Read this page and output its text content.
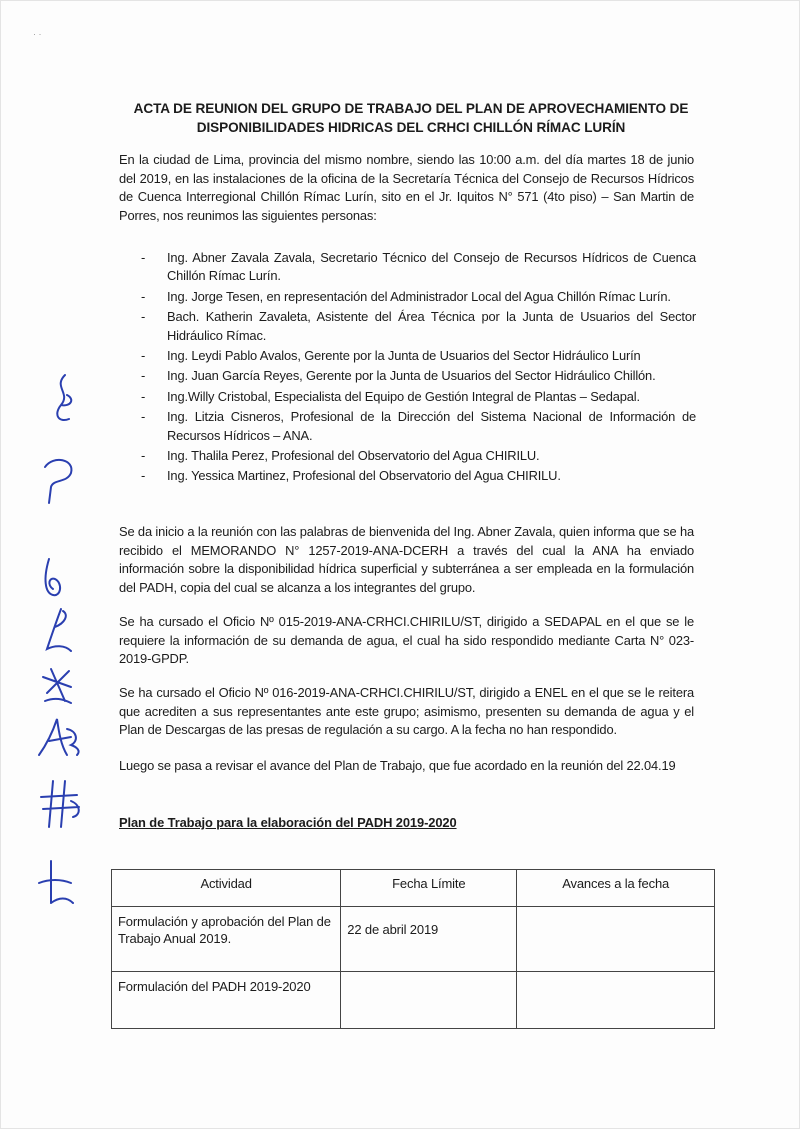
· ·
ACTA DE REUNION DEL GRUPO DE TRABAJO DEL PLAN DE APROVECHAMIENTO DE
DISPONIBILIDADES HIDRICAS DEL CRHCI CHILLÓN RÍMAC LURÍN
En la ciudad de Lima, provincia del mismo nombre, siendo las 10:00 a.m. del día martes 18 de junio del 2019, en las instalaciones de la oficina de la Secretaría Técnica del Consejo de Recursos Hídricos de Cuenca Interregional Chillón Rímac Lurín, sito en el Jr. Iquitos N° 571 (4to piso) – San Martin de Porres, nos reunimos las siguientes personas:
- Ing. Abner Zavala Zavala, Secretario Técnico del Consejo de Recursos Hídricos de Cuenca Chillón Rímac Lurín.
- Ing. Jorge Tesen, en representación del Administrador Local del Agua Chillón Rímac Lurín.
- Bach. Katherin Zavaleta, Asistente del Área Técnica por la Junta de Usuarios del Sector Hidráulico Rímac.
- Ing. Leydi Pablo Avalos, Gerente por la Junta de Usuarios del Sector Hidráulico Lurín
- Ing. Juan García Reyes, Gerente por la Junta de Usuarios del Sector Hidráulico Chillón.
- Ing.Willy Cristobal, Especialista del Equipo de Gestión Integral de Plantas – Sedapal.
- Ing. Litzia Cisneros, Profesional de la Dirección del Sistema Nacional de Información de Recursos Hídricos – ANA.
- Ing. Thalila Perez, Profesional del Observatorio del Agua CHIRILU.
- Ing. Yessica Martinez, Profesional del Observatorio del Agua CHIRILU.
Se da inicio a la reunión con las palabras de bienvenida del Ing. Abner Zavala, quien informa que se ha recibido el MEMORANDO N° 1257-2019-ANA-DCERH a través del cual la ANA ha enviado información sobre la disponibilidad hídrica superficial y subterránea a ser empleada en la formulación del PADH, copia del cual se alcanza a los integrantes del grupo.
Se ha cursado el Oficio Nº 015-2019-ANA-CRHCI.CHIRILU/ST, dirigido a SEDAPAL en el que se le requiere la información de su demanda de agua, el cual ha sido respondido mediante Carta N° 023-2019-GPDP.
Se ha cursado el Oficio Nº 016-2019-ANA-CRHCI.CHIRILU/ST, dirigido a ENEL en el que se le reitera que acrediten a sus representantes ante este grupo; asimismo, presenten su demanda de agua y el Plan de Descargas de las presas de regulación a su cargo. A la fecha no han respondido.
Luego se pasa a revisar el avance del Plan de Trabajo, que fue acordado en la reunión del 22.04.19
Plan de Trabajo para la elaboración del PADH 2019-2020
Actividad	Fecha Límite	Avances a la fecha
Formulación y aprobación del Plan de Trabajo Anual 2019.	22 de abril 2019	
Formulación del PADH 2019-2020		
